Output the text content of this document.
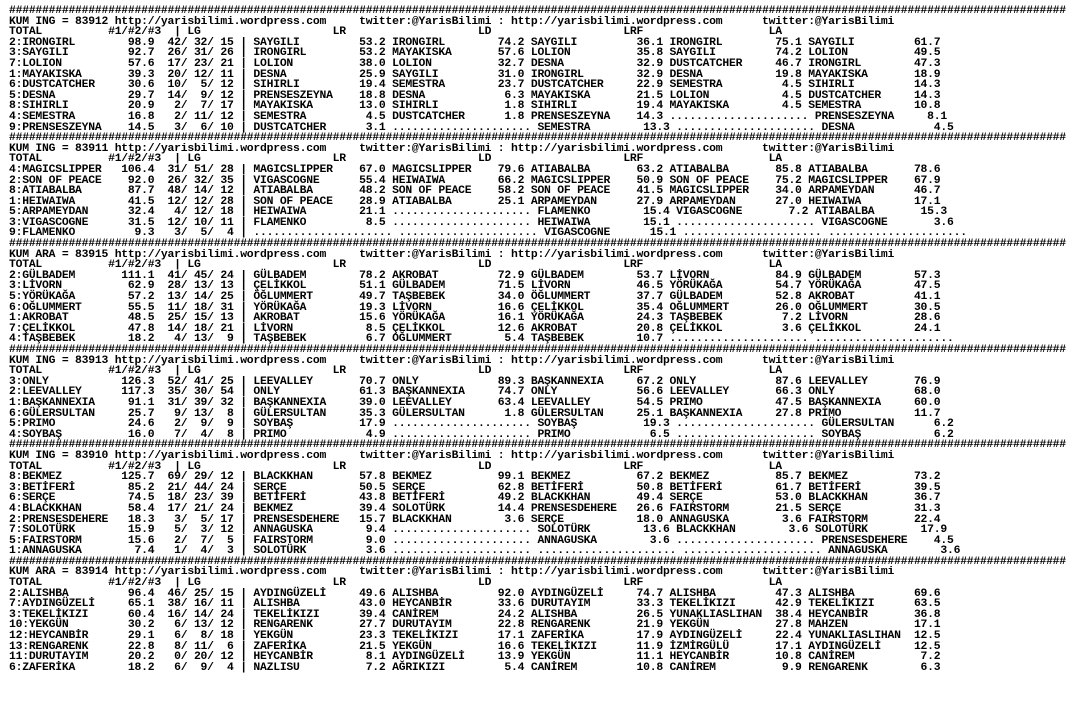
################################################################################################################################################################
KUM ING = 83912 http://yarisbilimi.wordpress.com     twitter:@YarisBilimi : http://yarisbilimi.wordpress.com      twitter:@YarisBilimi
TOTAL          #1/#2/#3  | LG                    LR                    LD                    LRF                   LA
2:IRONGIRL        98.9  42/ 32/ 15 | SAYGILI         53.2 IRONGIRL        74.2 SAYGILI         36.1 IRONGIRL        75.1 SAYGILI         61.7
3:SAYGILI         92.7  26/ 31/ 26 | IRONGIRL        53.2 MAYAKISKA       57.6 LOLION          35.8 SAYGILI         74.2 LOLION          49.5
7:LOLION          57.6  17/ 23/ 21 | LOLION          38.0 LOLION          32.7 DESNA           32.9 DUSTCATCHER     46.7 IRONGIRL        47.3
1:MAYAKISKA       39.3  20/ 12/ 11 | DESNA           25.9 SAYGILI         31.0 IRONGIRL        32.9 DESNA           19.8 MAYAKISKA       18.9
6:DUSTCATCHER     30.6  10/  5/ 12 | SIHIRLI         19.4 SEMESTRA        23.7 DUSTCATCHER     22.9 SEMESTRA         4.5 SIHIRLI         14.3
5:DESNA           29.7  14/  9/ 12 | PRENSESZEYNA    18.8 DESNA            6.3 MAYAKISKA       21.5 LOLION           4.5 DUSTCATCHER     14.3
8:SIHIRLI         20.9   2/  7/ 17 | MAYAKISKA       13.0 SIHIRLI          1.8 SIHIRLI         19.4 MAYAKISKA        4.5 SEMESTRA        10.8
4:SEMESTRA        16.8   2/ 11/ 12 | SEMESTRA         4.5 DUSTCATCHER      1.8 PRENSESZEYNA    14.3 ..................... PRENSESZEYNA     8.1
9:PRENSESZEYNA    14.5   3/  6/ 10 | DUSTCATCHER      3.1 ..................... SEMESTRA        13.3 ..................... DESNA            4.5
################################################################################################################################################################
KUM ING = 83911 http://yarisbilimi.wordpress.com     twitter:@YarisBilimi : http://yarisbilimi.wordpress.com      twitter:@YarisBilimi
TOTAL          #1/#2/#3  | LG                    LR                    LD                    LRF                   LA
4:MAGICSLIPPER   106.4  31/ 51/ 28 | MAGICSLIPPER    67.0 MAGICSLIPPER    79.6 ATIABALBA       63.2 ATIABALBA       85.8 ATIABALBA       78.6
2:SON OF PEACE    92.0  26/ 32/ 35 | VIGASCOGNE      55.4 HEIWAIWA        66.2 MAGICSLIPPER    50.9 SON OF PEACE    75.2 MAGICSLIPPER    67.9
8:ATIABALBA       87.7  48/ 14/ 12 | ATIABALBA       48.2 SON OF PEACE    58.2 SON OF PEACE    41.5 MAGICSLIPPER    34.0 ARPAMEYDAN      46.7
1:HEIWAIWA        41.5  12/ 12/ 28 | SON OF PEACE    28.9 ATIABALBA       25.1 ARPAMEYDAN      27.9 ARPAMEYDAN      27.0 HEIWAIWA        17.1
5:ARPAMEYDAN      32.4   4/ 12/ 18 | HEIWAIWA        21.1 ..................... FLAMENKO        15.4 VIGASCOGNE       7.2 ATIABALBA       15.3
3:VIGASCOGNE      31.5  12/ 10/ 11 | FLAMENKO         8.5 ..................... HEIWAIWA        15.1 ..................... VIGASCOGNE       3.6
9:FLAMENKO         9.3   3/  5/  4 | ..................... ..................... VIGASCOGNE      15.1 ..................... .....................
################################################################################################################################################################
KUM ARA = 83915 http://yarisbilimi.wordpress.com     twitter:@YarisBilimi : http://yarisbilimi.wordpress.com      twitter:@YarisBilimi
TOTAL          #1/#2/#3  | LG                    LR                    LD                    LRF                   LA
2:GÜLBADEM       111.1  41/ 45/ 24 | GÜLBADEM        78.2 AKROBAT         72.9 GÜLBADEM        53.7 LİVORN          84.9 GÜLBADEM        57.3
3:LİVORN          62.9  28/ 13/ 13 | ÇELİKKOL        51.1 GÜLBADEM        71.5 LİVORN          46.5 YÖRÜKAĞA        54.7 YÖRÜKAĞA        47.5
5:YÖRÜKAĞA        57.2  13/ 14/ 25 | ÖĞLUMMERT       49.7 TAŞBEBEK        34.0 ÖĞLUMMERT       37.7 GÜLBADEM        52.8 AKROBAT         41.1
6:OĞLUMMERT       55.5  11/ 18/ 31 | YÖRÜKAĞA        19.3 LİVORN          16.6 ÇELİKKOL        35.4 OĞLUMMERT       26.0 OĞLUMMERT       30.5
1:AKROBAT         48.5  25/ 15/ 13 | AKROBAT         15.6 YÖRÜKAĞA        16.1 YÖRÜKAĞA        24.3 TAŞBEBEK         7.2 LİVORN          28.6
7:ÇELİKKOL        47.8  14/ 18/ 21 | LİVORN           8.5 ÇELİKKOL        12.6 AKROBAT         20.8 ÇELİKKOL         3.6 ÇELİKKOL        24.1
4:TAŞBEBEK        18.2   4/ 13/  9 | TAŞBEBEK         6.7 OĞLUMMERT        5.4 TAŞBEBEK        10.7 ..................... .....................
################################################################################################################################################################
KUM ING = 83913 http://yarisbilimi.wordpress.com     twitter:@YarisBilimi : http://yarisbilimi.wordpress.com      twitter:@YarisBilimi
TOTAL          #1/#2/#3  | LG                    LR                    LD                    LRF                   LA
3:ONLY           126.3  52/ 41/ 25 | LEEVALLEY       70.7 ONLY            89.3 BAŞKANNEXIA     67.2 ONLY            87.6 LEEVALLEY       76.9
2:LEEVALLEY      117.3  35/ 30/ 54 | ONLY            61.3 BAŞKANNEXIA     74.7 ONLY            56.6 LEEVALLEY       66.3 ONLY            68.0
1:BAŞKANNEXIA     91.1  31/ 39/ 32 | BAŞKANNEXIA     39.0 LEEVALLEY       63.4 LEEVALLEY       54.5 PRIMO           47.5 BAŞKANNEXIA     60.0
6:GÜLERSULTAN     25.7   9/ 13/  8 | GÜLERSULTAN     35.3 GÜLERSULTAN      1.8 GÜLERSULTAN     25.1 BAŞKANNEXIA     27.8 PRIMO           11.7
5:PRIMO           24.6   2/  9/  9 | SOYBAŞ          17.9 ..................... SOYBAŞ          19.3 ..................... GÜLERSULTAN      6.2
4:SOYBAŞ          16.0   7/  4/  8 | PRIMO            4.9 ..................... PRIMO            6.5 ..................... SOYBAŞ           6.2
################################################################################################################################################################
KUM ING = 83910 http://yarisbilimi.wordpress.com     twitter:@YarisBilimi : http://yarisbilimi.wordpress.com      twitter:@YarisBilimi
TOTAL          #1/#2/#3  | LG                    LR                    LD                    LRF                   LA
8:BEKMEZ         125.7  69/ 29/ 12 | BLACKKHAN       57.8 BEKMEZ          99.1 BEKMEZ          67.2 BEKMEZ          85.7 BEKMEZ          73.2
3:BETİFERİ        85.2  21/ 44/ 24 | SERÇE           50.5 SERÇE           62.8 BETİFERİ        50.8 BETİFERİ        61.7 BETİFERİ        39.5
6:SERÇE           74.5  18/ 23/ 39 | BETİFERİ        43.8 BETİFERİ        49.2 BLACKKHAN       49.4 SERÇE           53.0 BLACKKHAN       36.7
4:BLACKKHAN       58.4  17/ 21/ 24 | BEKMEZ          39.4 SOLOTÜRK        14.4 PRENSESDEHERE   26.6 FAIRSTORM       21.5 SERÇE           31.3
2:PRENSESDEHERE   18.3   3/  5/ 17 | PRENSESDEHERE   15.7 BLACKKHAN        3.6 SERÇE           18.0 ANNAGUSKA        3.6 FAIRSTORM       22.4
7:SOLOTÜRK        15.9   5/  3/ 12 | ANNAGUSKA        9.4 ..................... SOLOTÜRK        13.6 BLACKKHAN        3.6 SOLOTÜRK        17.9
5:FAIRSTORM       15.6   2/  7/  5 | FAIRSTORM        9.0 ..................... ANNAGUSKA        3.6 ..................... PRENSESDEHERE    4.5
1:ANNAGUSKA        7.4   1/  4/  3 | SOLOTÜRK         3.6 ..................... ..................... ..................... ANNAGUSKA        3.6
################################################################################################################################################################
KUM ARA = 83914 http://yarisbilimi.wordpress.com     twitter:@YarisBilimi : http://yarisbilimi.wordpress.com      twitter:@YarisBilimi
TOTAL          #1/#2/#3  | LG                    LR                    LD                    LRF                   LA
2:ALISHBA         96.4  46/ 25/ 15 | AYDINGÜZELİ     49.6 ALISHBA         92.0 AYDINGÜZELİ     74.7 ALISHBA         47.3 ALISHBA         69.6
7:AYDINGÜZELİ     65.1  38/ 16/ 11 | ALISHBA         43.0 HEYCANBİR       33.6 DURUTAYIM       33.3 TEKELİKIZI      42.9 TEKELİKIZI      63.5
3:TEKELİKIZI      60.4  16/ 14/ 24 | TEKELİKIZI      39.4 CANİREM         24.2 ALISHBA         26.5 YUNAKLIASLIHAN  38.4 HEYCANBİR       36.8
10:YEKGÜN         30.2   6/ 13/ 12 | RENGARENK       27.7 DURUTAYIM       22.8 RENGARENK       21.9 YEKGÜN          27.8 MAHZEN          17.1
12:HEYCANBİR      29.1   6/  8/ 18 | YEKGÜN          23.3 TEKELİKIZI      17.1 ZAFERİKA        17.9 AYDINGÜZELİ     22.4 YUNAKLIASLIHAN  12.5
13:RENGARENK      22.8   8/ 11/  6 | ZAFERİKA        21.5 YEKGÜN          16.6 TEKELİKIZI      11.9 İZMİRGÜLÜ       17.1 AYDINGÜZELİ     12.5
11:DURUTAYIM      20.2   0/ 20/ 12 | HEYCANBİR        8.1 AYDINGÜZELİ     13.9 YEKGÜN          11.1 HEYCANBİR       10.8 CANİREM          7.2
6:ZAFERİKA        18.2   6/  9/  4 | NAZLISU          7.2 AĞRIKIZI         5.4 CANİREM         10.8 CANİREM          9.9 RENGARENK        6.3
